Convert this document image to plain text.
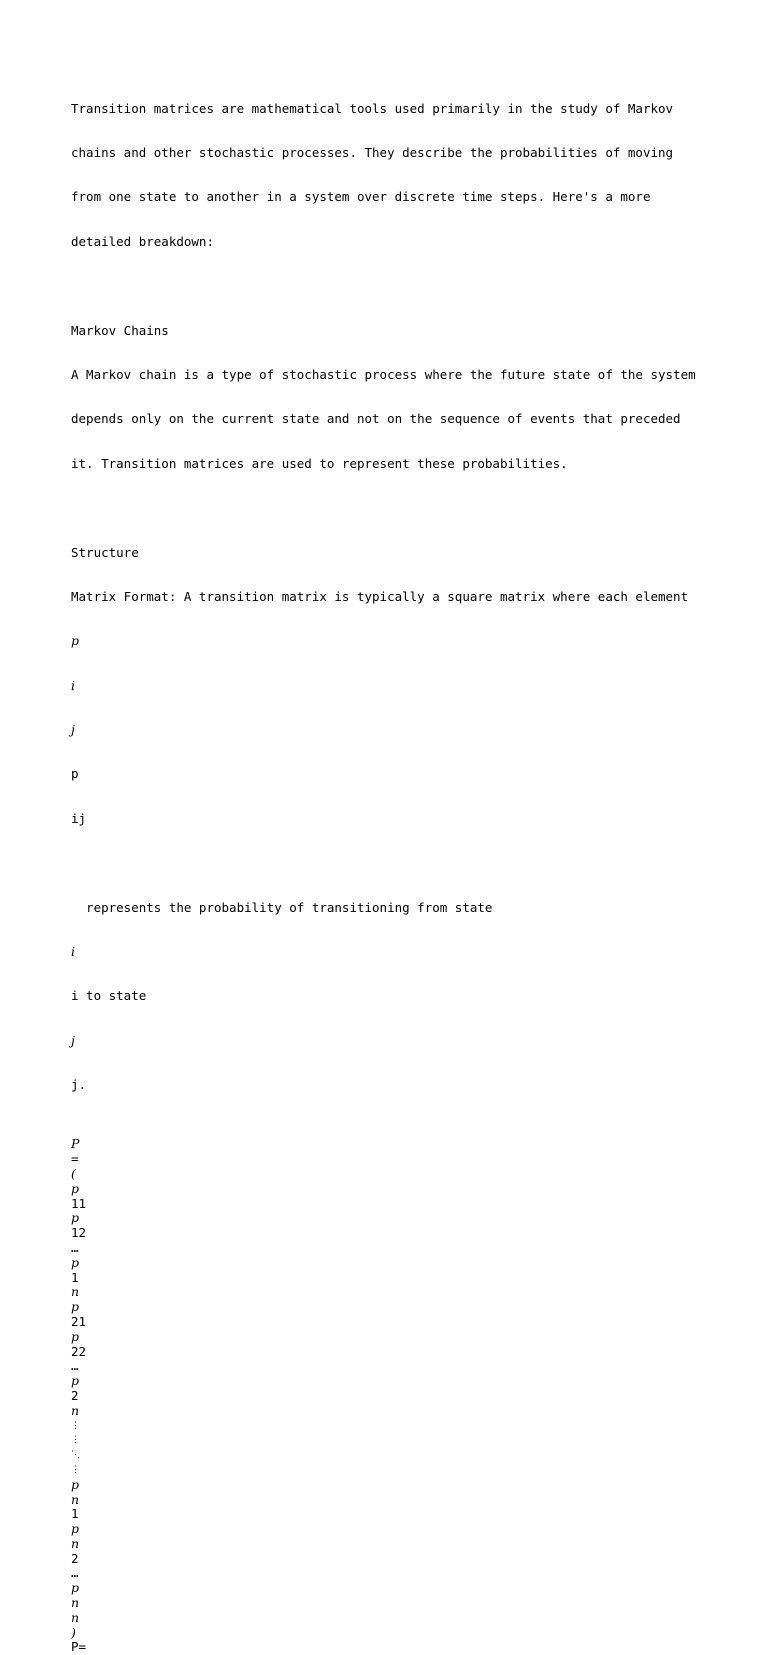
Transition matrices are mathematical tools used primarily in the study of Markov

chains and other stochastic processes. They describe the probabilities of moving

from one state to another in a system over discrete time steps. Here's a more

detailed breakdown:

Markov Chains

A Markov chain is a type of stochastic process where the future state of the system

depends only on the current state and not on the sequence of events that preceded

it. Transition matrices are used to represent these probabilities.

Structure

Matrix Format: A transition matrix is typically a square matrix where each element

p

i

j

p

ij

represents the probability of transitioning from state

i

i to state

j

j.

P
=
(
p
11
p
12
…
p
1
n
p
21
p
22
…
p
2
n
⋮
⋮
⋱
⋮
p
n
1
p
n
2
…
p
n
n
)
P=
